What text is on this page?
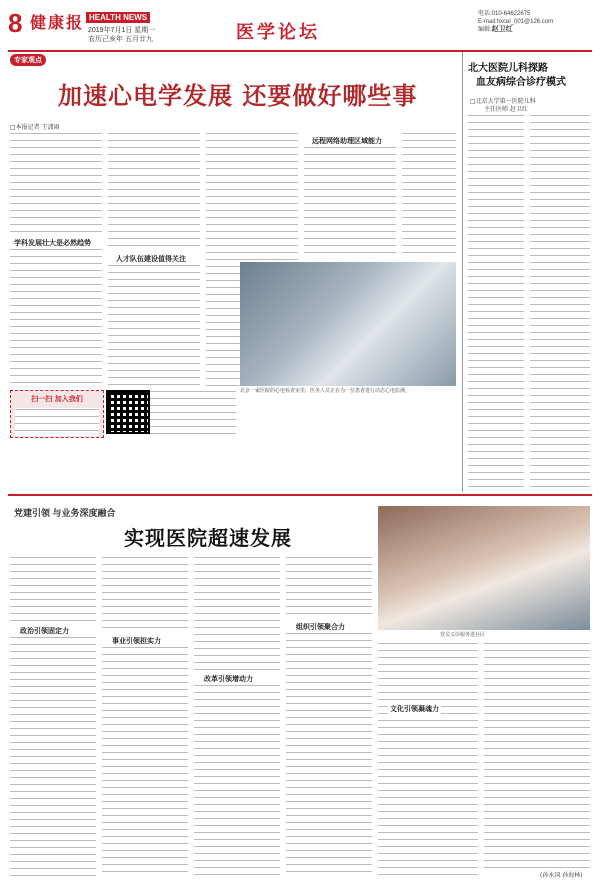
8 健康报 HEALTH NEWS
2019年7月1日 星期一
农历己亥年 五月廿九	医学论坛
电话:010-64622675
E-mail:hxcel_001@126.com
编辑:赵卫红
专家观点
加速心电学发展 还要做好哪些事
□本报记者 王潇雨
学科发展壮大是必然趋势
扫一扫 加入我们
人才队伍建设值得关注
远程网络助理区域能力
北京一家医院的心电检查室里，医务人员正在为一位患者进行动态心电监测。
北大医院儿科探路
血友病综合诊疗模式
□北京大学第一医院儿科
主任医师 赵卫红
党建引领 与业务深度融合
实现医院超速发展
政治引领固定力
事业引领担实力
改革引领增动力
组织引领聚合力
党员义诊服务进社区
文化引领凝魂力
(孙永国 孙海林)
